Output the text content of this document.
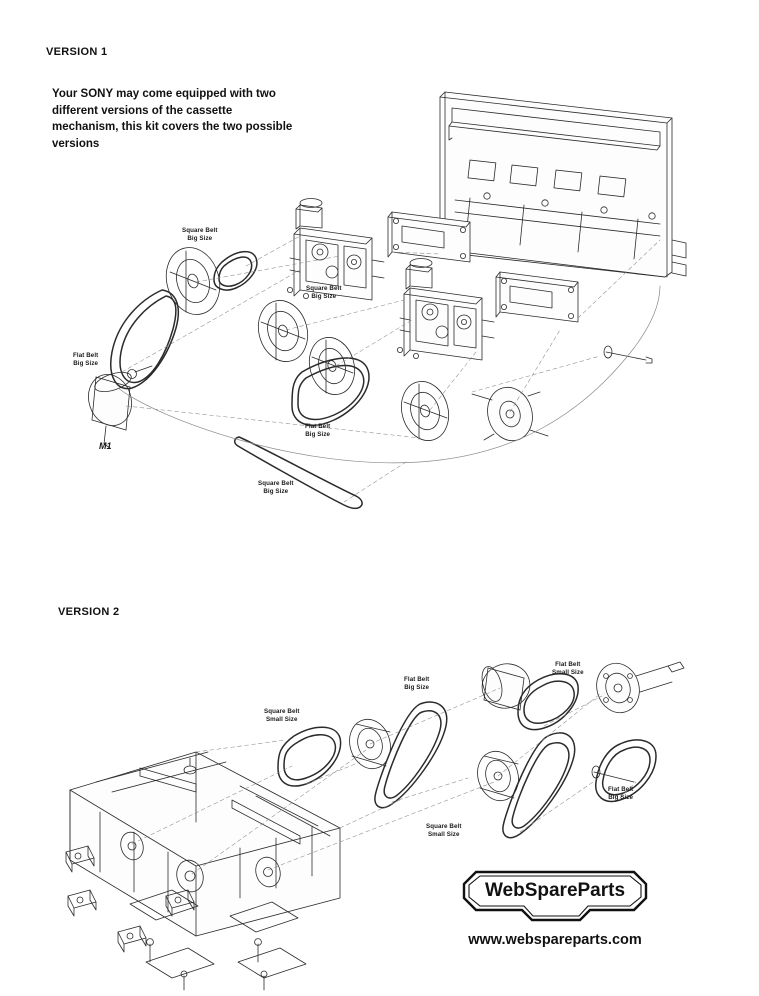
VERSION 1
Your SONY may come equipped with two different versions of the cassette mechanism, this kit covers the two possible versions
Square Belt
Big Size
Square Belt
Big Size
Flat Belt
Big Size
Flat Belt
Big Size
Square Belt
Big Size
M1
VERSION 2
Square Belt
Small Size
Flat Belt
Big Size
Flat Belt
Small Size
Flat Belt
Big Size
Square Belt
Small Size
WebSpareParts
www.webspareparts.com
